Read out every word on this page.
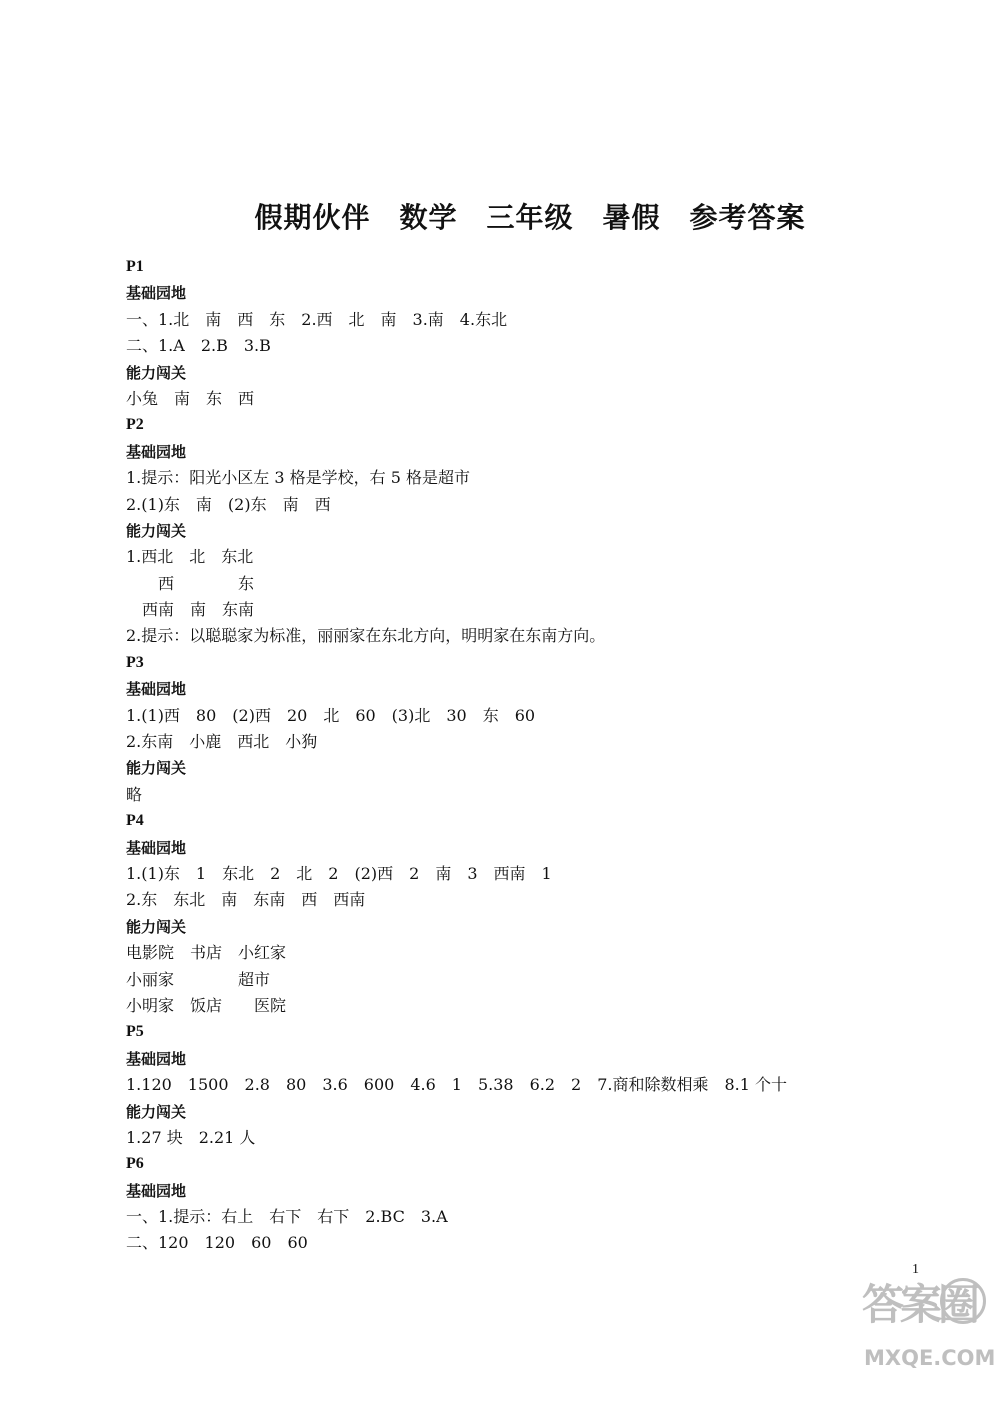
假期伙伴　数学　三年级　暑假　参考答案
P1
基础园地
一、1.北　南　西　东　2.西　北　南　3.南　4.东北
二、1.A　2.B　3.B
能力闯关
小兔　南　东　西
P2
基础园地
1.提示：阳光小区左 3 格是学校，右 5 格是超市
2.(1)东　南　(2)东　南　西
能力闯关
1.西北　北　东北
　　西　　　　东
　西南　南　东南
2.提示：以聪聪家为标准，丽丽家在东北方向，明明家在东南方向。
P3
基础园地
1.(1)西　80　(2)西　20　北　60　(3)北　30　东　60
2.东南　小鹿　西北　小狗
能力闯关
略
P4
基础园地
1.(1)东　1　东北　2　北　2　(2)西　2　南　3　西南　1
2.东　东北　南　东南　西　西南
能力闯关
电影院　书店　小红家
小丽家　　　　超市
小明家　饭店　　医院
P5
基础园地
1.120　1500　2.8　80　3.6　600　4.6　1　5.38　6.2　2　7.商和除数相乘　8.1 个十
能力闯关
1.27 块　2.21 人
P6
基础园地
一、1.提示：右上　右下　右下　2.BC　3.A
二、120　120　60　60
1
答案圈
MXQE.COM
